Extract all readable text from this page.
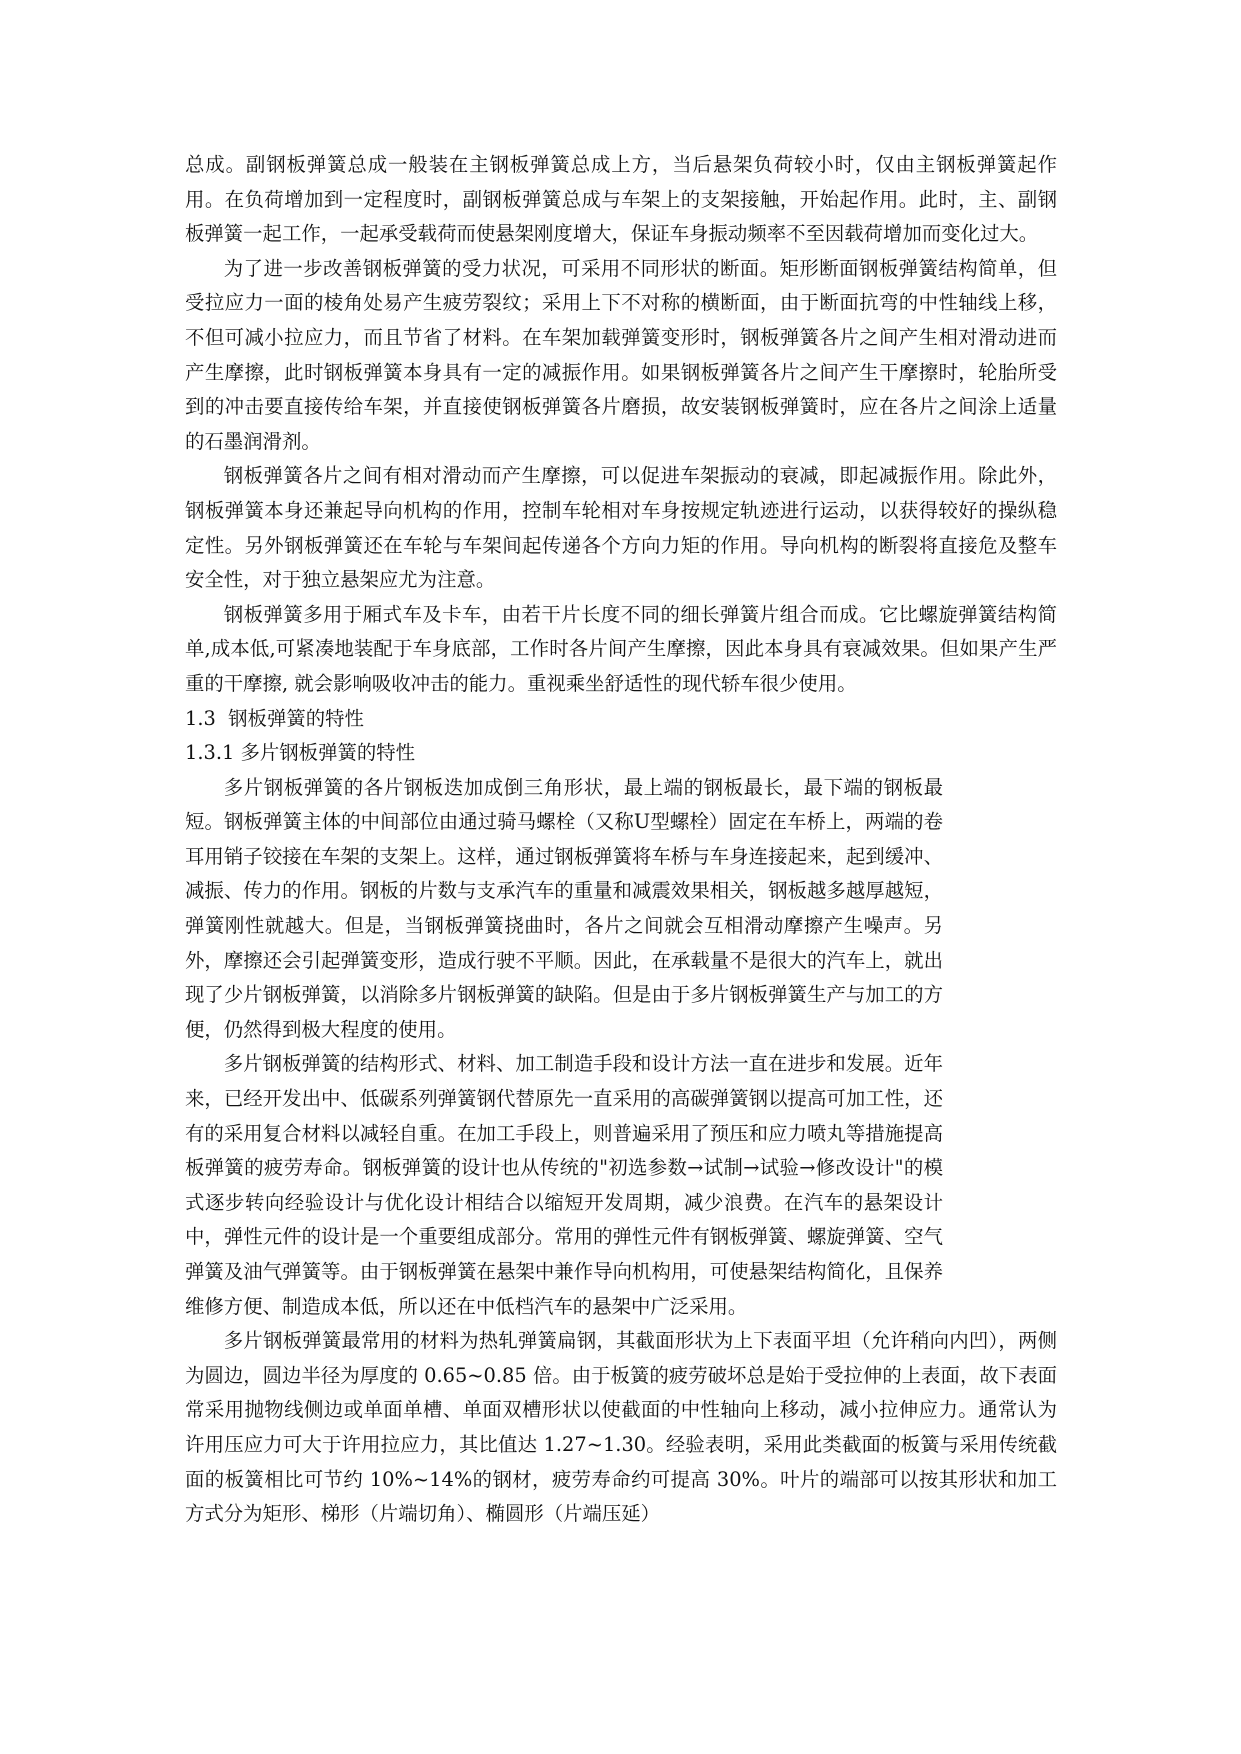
总成。副钢板弹簧总成一般装在主钢板弹簧总成上方，当后悬架负荷较小时，仅由主钢板弹簧起作用。在负荷增加到一定程度时，副钢板弹簧总成与车架上的支架接触，开始起作用。此时，主、副钢板弹簧一起工作，一起承受载荷而使悬架刚度增大，保证车身振动频率不至因载荷增加而变化过大。

为了进一步改善钢板弹簧的受力状况，可采用不同形状的断面。矩形断面钢板弹簧结构简单，但受拉应力一面的棱角处易产生疲劳裂纹；采用上下不对称的横断面，由于断面抗弯的中性轴线上移，不但可减小拉应力，而且节省了材料。在车架加载弹簧变形时，钢板弹簧各片之间产生相对滑动进而产生摩擦，此时钢板弹簧本身具有一定的减振作用。如果钢板弹簧各片之间产生干摩擦时，轮胎所受到的冲击要直接传给车架，并直接使钢板弹簧各片磨损，故安装钢板弹簧时，应在各片之间涂上适量的石墨润滑剂。

钢板弹簧各片之间有相对滑动而产生摩擦，可以促进车架振动的衰减，即起减振作用。除此外，钢板弹簧本身还兼起导向机构的作用，控制车轮相对车身按规定轨迹进行运动，以获得较好的操纵稳定性。另外钢板弹簧还在车轮与车架间起传递各个方向力矩的作用。导向机构的断裂将直接危及整车安全性，对于独立悬架应尤为注意。

钢板弹簧多用于厢式车及卡车，由若干片长度不同的细长弹簧片组合而成。它比螺旋弹簧结构简单,成本低,可紧凑地装配于车身底部，工作时各片间产生摩擦，因此本身具有衰减效果。但如果产生严重的干摩擦, 就会影响吸收冲击的能力。重视乘坐舒适性的现代轿车很少使用。

1.3  钢板弹簧的特性

1.3.1 多片钢板弹簧的特性

多片钢板弹簧的各片钢板迭加成倒三角形状，最上端的钢板最长，最下端的钢板最短。钢板弹簧主体的中间部位由通过骑马螺栓（又称U型螺栓）固定在车桥上，两端的卷耳用销子铰接在车架的支架上。这样，通过钢板弹簧将车桥与车身连接起来，起到缓冲、减振、传力的作用。钢板的片数与支承汽车的重量和减震效果相关，钢板越多越厚越短，弹簧刚性就越大。但是，当钢板弹簧挠曲时，各片之间就会互相滑动摩擦产生噪声。另外，摩擦还会引起弹簧变形，造成行驶不平顺。因此，在承载量不是很大的汽车上，就出现了少片钢板弹簧，以消除多片钢板弹簧的缺陷。但是由于多片钢板弹簧生产与加工的方便，仍然得到极大程度的使用。

多片钢板弹簧的结构形式、材料、加工制造手段和设计方法一直在进步和发展。近年来，已经开发出中、低碳系列弹簧钢代替原先一直采用的高碳弹簧钢以提高可加工性，还有的采用复合材料以减轻自重。在加工手段上，则普遍采用了预压和应力喷丸等措施提高板弹簧的疲劳寿命。钢板弹簧的设计也从传统的"初选参数→试制→试验→修改设计"的模式逐步转向经验设计与优化设计相结合以缩短开发周期，减少浪费。在汽车的悬架设计中，弹性元件的设计是一个重要组成部分。常用的弹性元件有钢板弹簧、螺旋弹簧、空气弹簧及油气弹簧等。由于钢板弹簧在悬架中兼作导向机构用，可使悬架结构简化，且保养维修方便、制造成本低，所以还在中低档汽车的悬架中广泛采用。

多片钢板弹簧最常用的材料为热轧弹簧扁钢，其截面形状为上下表面平坦（允许稍向内凹），两侧为圆边，圆边半径为厚度的 0.65~0.85 倍。由于板簧的疲劳破坏总是始于受拉伸的上表面，故下表面常采用抛物线侧边或单面单槽、单面双槽形状以使截面的中性轴向上移动，减小拉伸应力。通常认为许用压应力可大于许用拉应力，其比值达 1.27~1.30。经验表明，采用此类截面的板簧与采用传统截面的板簧相比可节约 10%~14%的钢材，疲劳寿命约可提高 30%。叶片的端部可以按其形状和加工方式分为矩形、梯形（片端切角）、椭圆形（片端压延）
